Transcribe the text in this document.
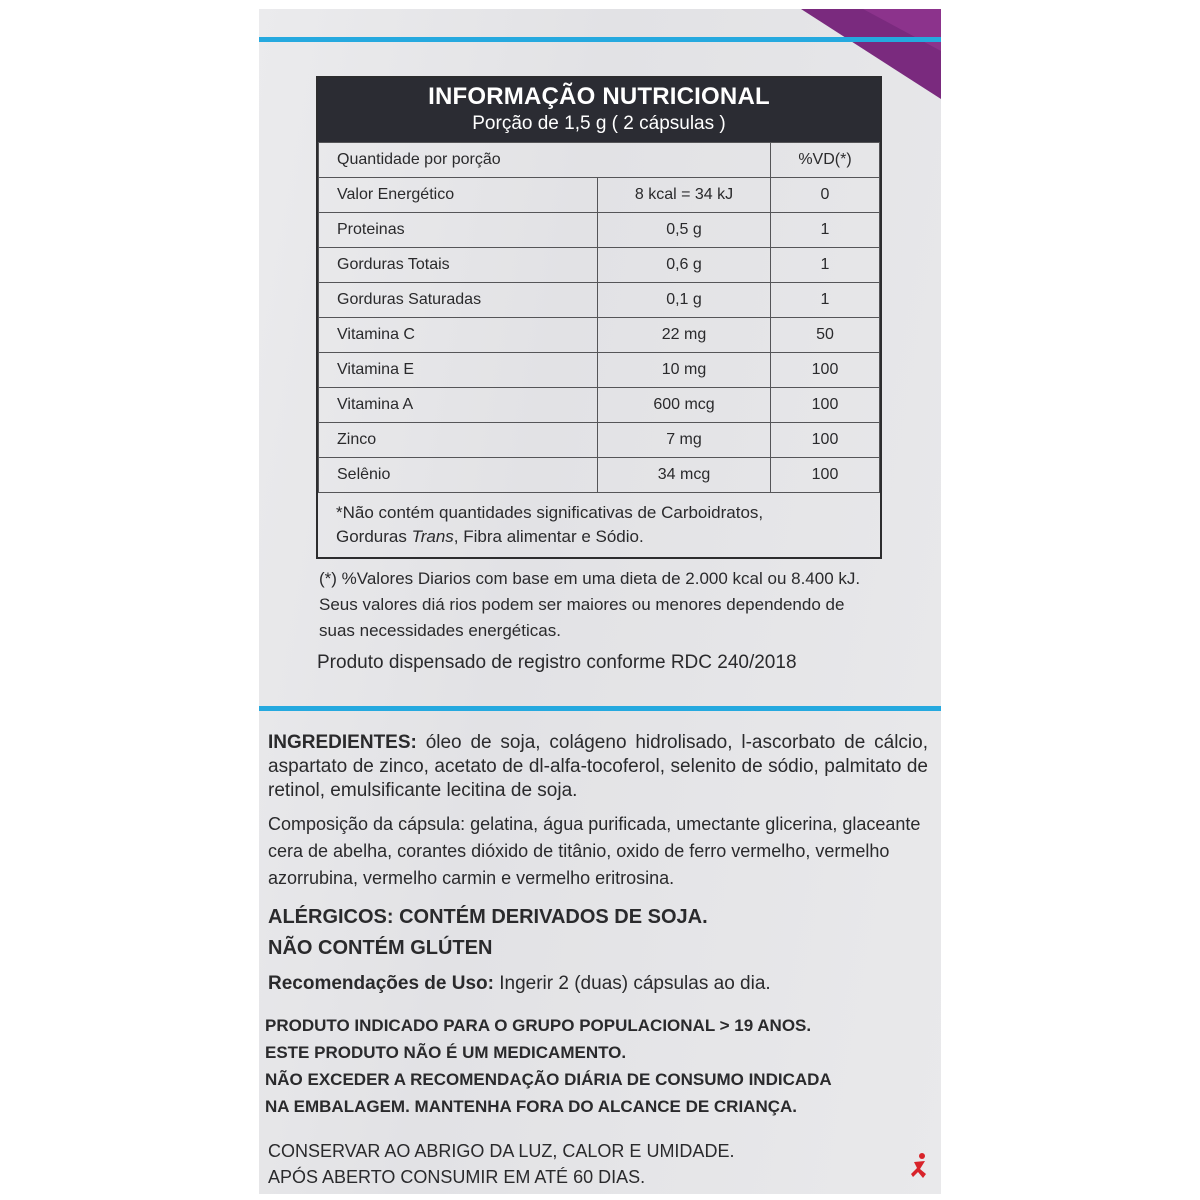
INFORMAÇÃO NUTRICIONAL
Porção de 1,5 g ( 2 cápsulas )
Quantidade por porção		%VD(*)
Valor Energético	8 kcal = 34 kJ	0
Proteinas	0,5 g	1
Gorduras Totais	0,6 g	1
Gorduras Saturadas	0,1 g	1
Vitamina C	22 mg	50
Vitamina E	10 mg	100
Vitamina A	600 mcg	100
Zinco	7 mg	100
Selênio	34 mcg	100
*Não contém quantidades significativas de Carboidratos,
Gorduras Trans, Fibra alimentar e Sódio.
(*) %Valores Diarios com base em uma dieta de 2.000 kcal ou 8.400 kJ. Seus valores diá rios podem ser maiores ou menores dependendo de suas necessidades energéticas.
Produto dispensado de registro conforme RDC 240/2018
INGREDIENTES: óleo de soja, colágeno hidrolisado, l-ascorbato de cálcio, aspartato de zinco, acetato de dl-alfa-tocoferol, selenito de sódio, palmitato de retinol, emulsificante lecitina de soja.
Composição da cápsula: gelatina, água purificada, umectante glicerina, glaceante cera de abelha, corantes dióxido de titânio, oxido de ferro vermelho, vermelho azorrubina, vermelho carmin e vermelho eritrosina.
ALÉRGICOS: CONTÉM DERIVADOS DE SOJA.
NÃO CONTÉM GLÚTEN
Recomendações de Uso: Ingerir 2 (duas) cápsulas ao dia.
PRODUTO INDICADO PARA O GRUPO POPULACIONAL > 19 ANOS.
ESTE PRODUTO NÃO É UM MEDICAMENTO.
NÃO EXCEDER A RECOMENDAÇÃO DIÁRIA DE CONSUMO INDICADA
NA EMBALAGEM. MANTENHA FORA DO ALCANCE DE CRIANÇA.
CONSERVAR AO ABRIGO DA LUZ, CALOR E UMIDADE.
APÓS ABERTO CONSUMIR EM ATÉ 60 DIAS.
